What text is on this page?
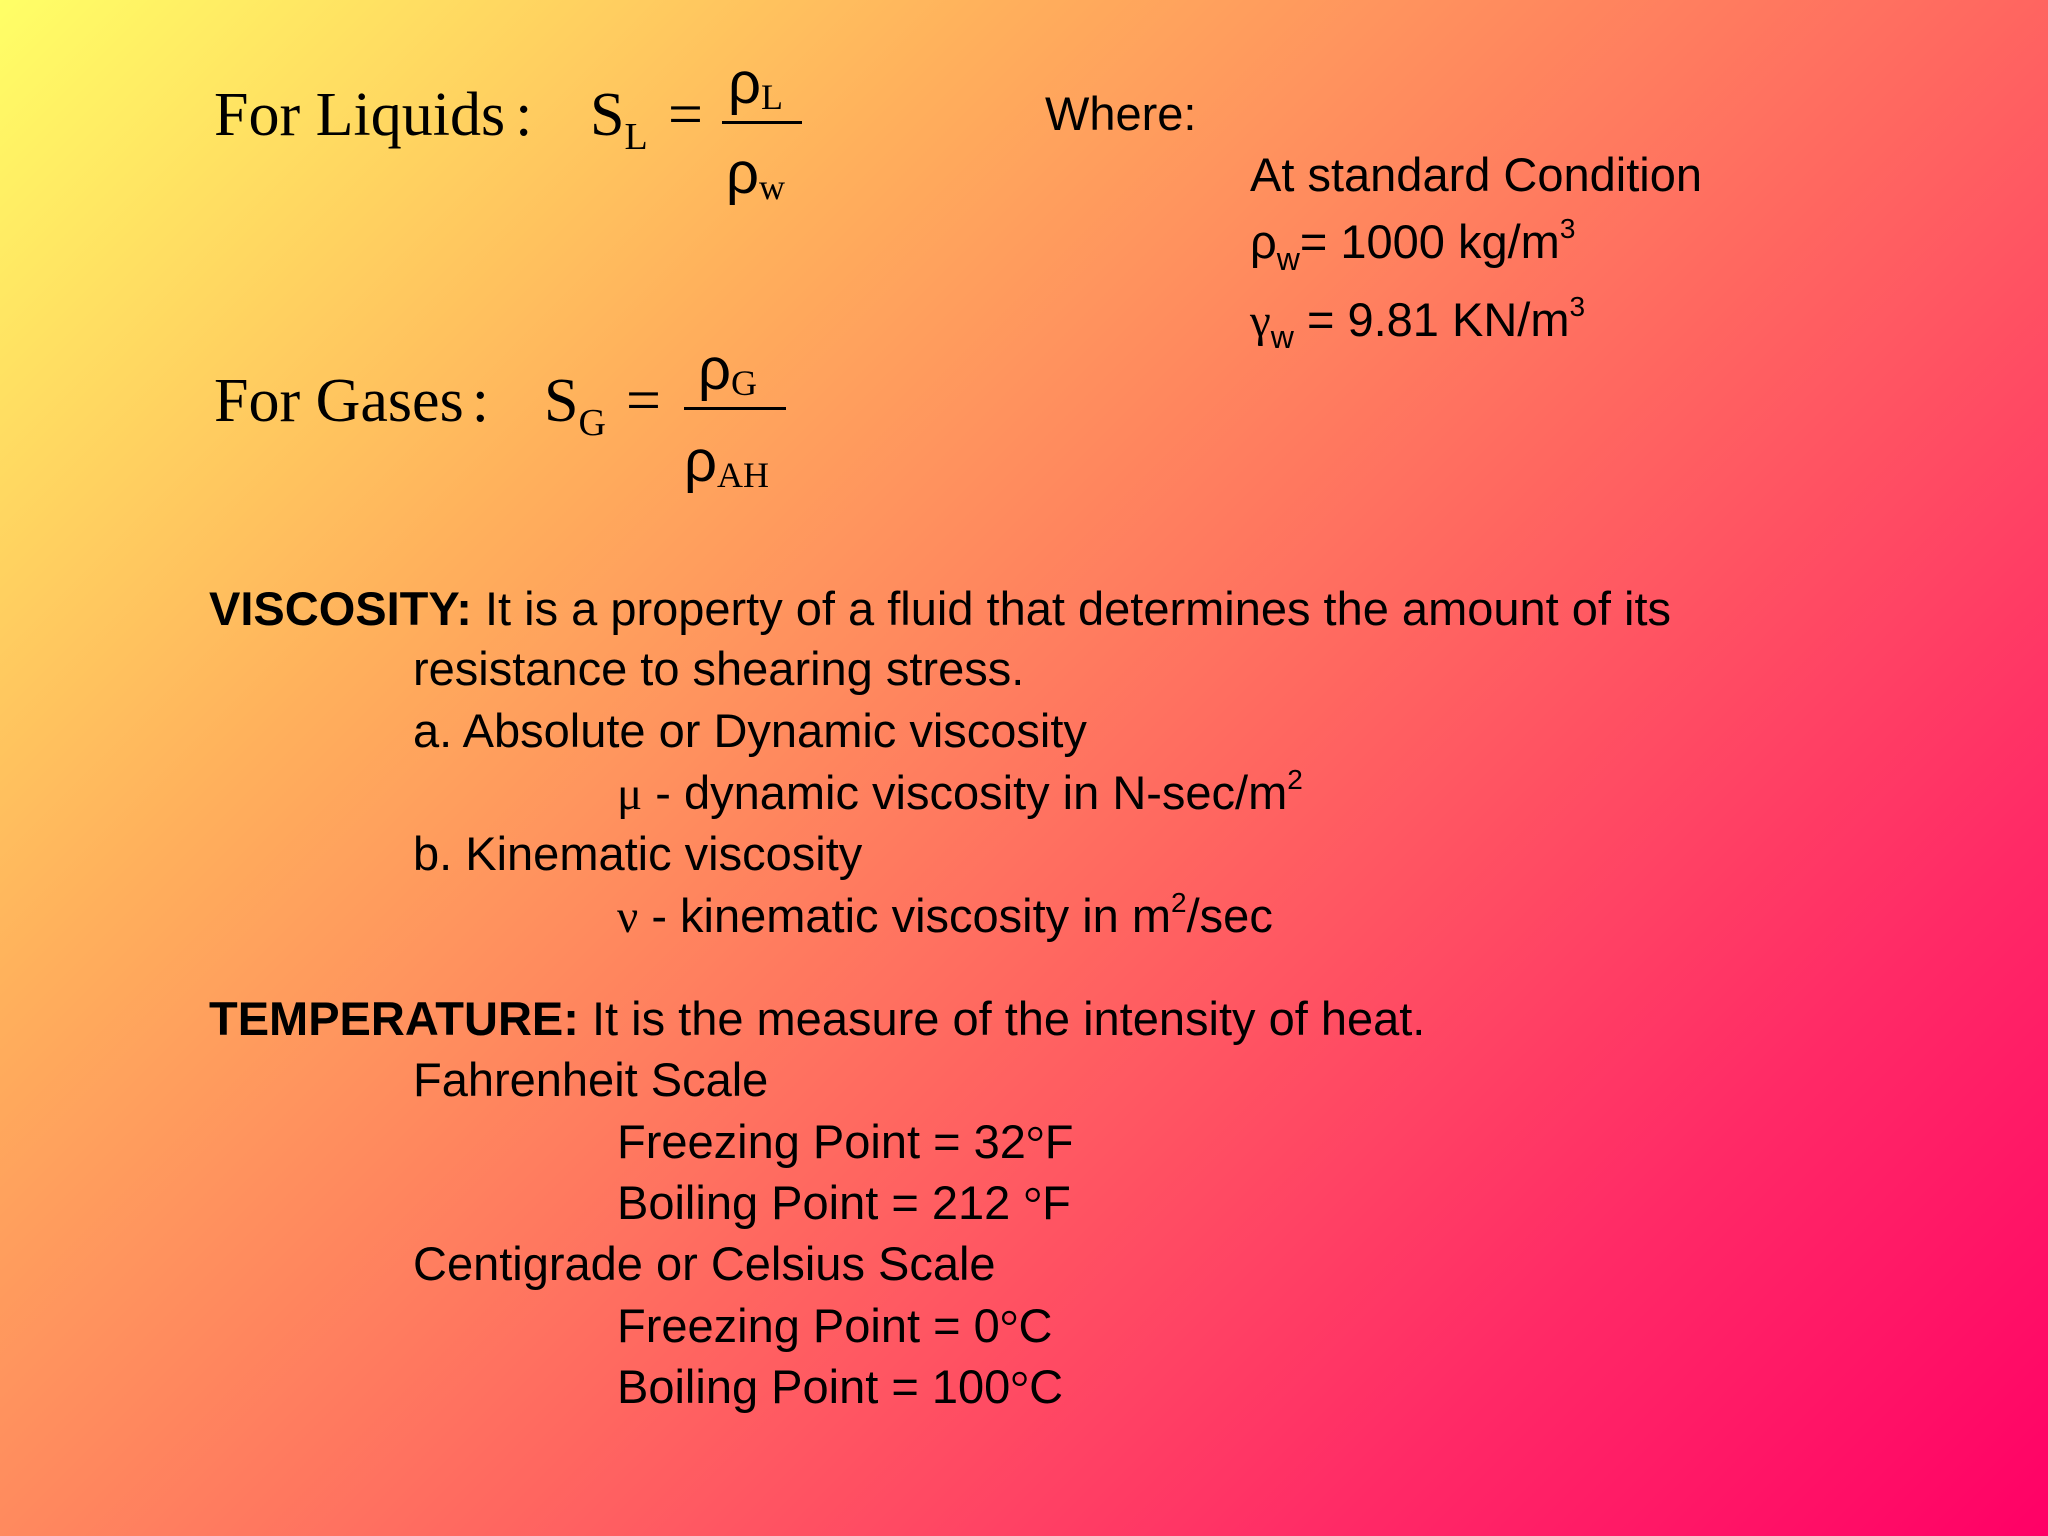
For Liquids : $S_L = \rho L$
ρw
For Gases : $S_G = \rho G$
ρAH
Where:
At standard Condition
$\rho_w= 1000$ $kg/m^3$
$\gamma_w = 9.81$ $KN/m^3$
VISCOSITY: It is a property of a fluid that determines the amount of its
resistance to shearing stress.
a. Absolute or Dynamic viscosity
μ - dynamic viscosity in $N-\sec/m^2$
b. Kinematic viscosity
ν - kinematic viscosity in $m^2/\sec$
TEMPERATURE: It is the measure of the intensity of heat.
Fahrenheit Scale
Freezing Point = 32°F
Boiling Point = 212 °F
Centigrade or Celsius Scale
Freezing Point = 0°C
Boiling Point = 100°C
